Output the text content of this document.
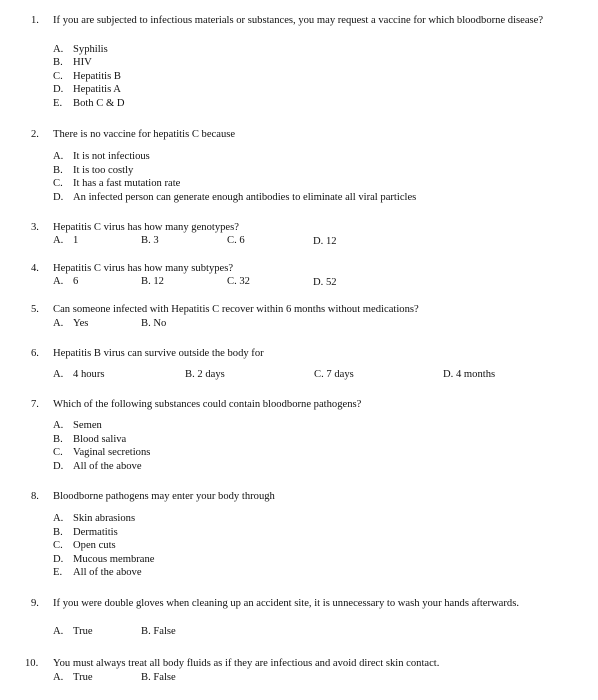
1. If you are subjected to infectious materials or substances, you may request a vaccine for which bloodborne disease?
A. Syphilis
B. HIV
C. Hepatitis B
D. Hepatitis A
E. Both C & D
2. There is no vaccine for hepatitis C because
A. It is not infectious
B. It is too costly
C. It has a fast mutation rate
D. An infected person can generate enough antibodies to eliminate all viral particles
3. Hepatitis C virus has how many genotypes?
A. 1	B. 3	C. 6	D. 12
4. Hepatitis C virus has how many subtypes?
A. 6	B. 12	C. 32	D. 52
5. Can someone infected with Hepatitis C recover within 6 months without medications?
A. Yes	B. No
6. Hepatitis B virus can survive outside the body for
A. 4 hours	B. 2 days	C. 7 days	D. 4 months
7. Which of the following substances could contain bloodborne pathogens?
A. Semen
B. Blood saliva
C. Vaginal secretions
D. All of the above
8. Bloodborne pathogens may enter your body through
A. Skin abrasions
B. Dermatitis
C. Open cuts
D. Mucous membrane
E. All of the above
9. If you were double gloves when cleaning up an accident site, it is unnecessary to wash your hands afterwards.
A. True	B. False
10. You must always treat all body fluids as if they are infectious and avoid direct skin contact.
A. True	B. False
